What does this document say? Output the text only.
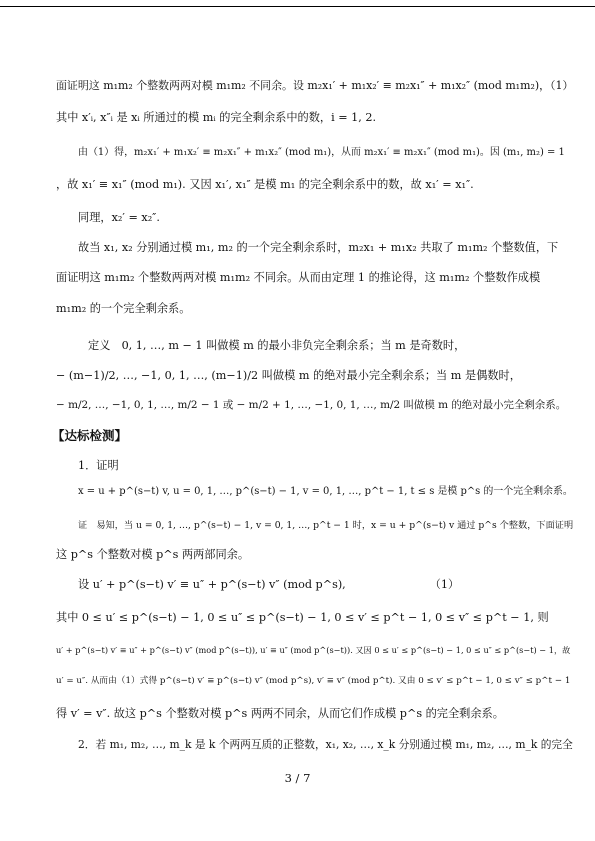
面证明这 m₁m₂ 个整数两两对模 m₁m₂ 不同余。设 m₂x₁′ + m₁x₂′ ≡ m₂x₁″ + m₁x₂″ (mod m₁m₂)，（1）
其中 x′ᵢ, x″ᵢ 是 xᵢ 所通过的模 mᵢ 的完全剩余系中的数，i = 1, 2.
由（1）得，m₂x₁′ + m₁x₂′ ≡ m₂x₁″ + m₁x₂″ (mod m₁)，从而 m₂x₁′ ≡ m₂x₁″ (mod m₁)。因 (m₁, m₂) = 1
，故 x₁′ ≡ x₁″ (mod m₁). 又因 x₁′, x₁″ 是模 m₁ 的完全剩余系中的数，故 x₁′ = x₁″.
同理，x₂′ = x₂″.
故当 x₁, x₂ 分别通过模 m₁, m₂ 的一个完全剩余系时，m₂x₁ + m₁x₂ 共取了 m₁m₂ 个整数值，下
面证明这 m₁m₂ 个整数两两对模 m₁m₂ 不同余。从而由定理 1 的推论得，这 m₁m₂ 个整数作成模
m₁m₂ 的一个完全剩余系。
定义　0, 1, …, m − 1 叫做模 m 的最小非负完全剩余系；当 m 是奇数时，
− (m−1)/2, …, −1, 0, 1, …, (m−1)/2 叫做模 m 的绝对最小完全剩余系；当 m 是偶数时，
− m/2, …, −1, 0, 1, …, m/2 − 1 或 − m/2 + 1, …, −1, 0, 1, …, m/2 叫做模 m 的绝对最小完全剩余系。
【达标检测】
1．证明
x = u + p^(s−t) v, u = 0, 1, …, p^(s−t) − 1, v = 0, 1, …, p^t − 1, t ≤ s 是模 p^s 的一个完全剩余系。
证　易知，当 u = 0, 1, …, p^(s−t) − 1, v = 0, 1, …, p^t − 1 时，x = u + p^(s−t) v 通过 p^s 个整数，下面证明
这 p^s 个整数对模 p^s 两两部同余。
设 u′ + p^(s−t) v′ ≡ u″ + p^(s−t) v″ (mod p^s),　　　　　　　　（1）
其中 0 ≤ u′ ≤ p^(s−t) − 1, 0 ≤ u″ ≤ p^(s−t) − 1, 0 ≤ v′ ≤ p^t − 1, 0 ≤ v″ ≤ p^t − 1, 则
u′ + p^(s−t) v′ ≡ u″ + p^(s−t) v″ (mod p^(s−t)), u′ ≡ u″ (mod p^(s−t)). 又因 0 ≤ u′ ≤ p^(s−t) − 1, 0 ≤ u″ ≤ p^(s−t) − 1，故
u′ = u″. 从而由（1）式得 p^(s−t) v′ ≡ p^(s−t) v″ (mod p^s), v′ ≡ v″ (mod p^t). 又由 0 ≤ v′ ≤ p^t − 1, 0 ≤ v″ ≤ p^t − 1
得 v′ = v″. 故这 p^s 个整数对模 p^s 两两不同余，从而它们作成模 p^s 的完全剩余系。
2．若 m₁, m₂, …, m_k 是 k 个两两互质的正整数，x₁, x₂, …, x_k 分别通过模 m₁, m₂, …, m_k 的完全
3 / 7
